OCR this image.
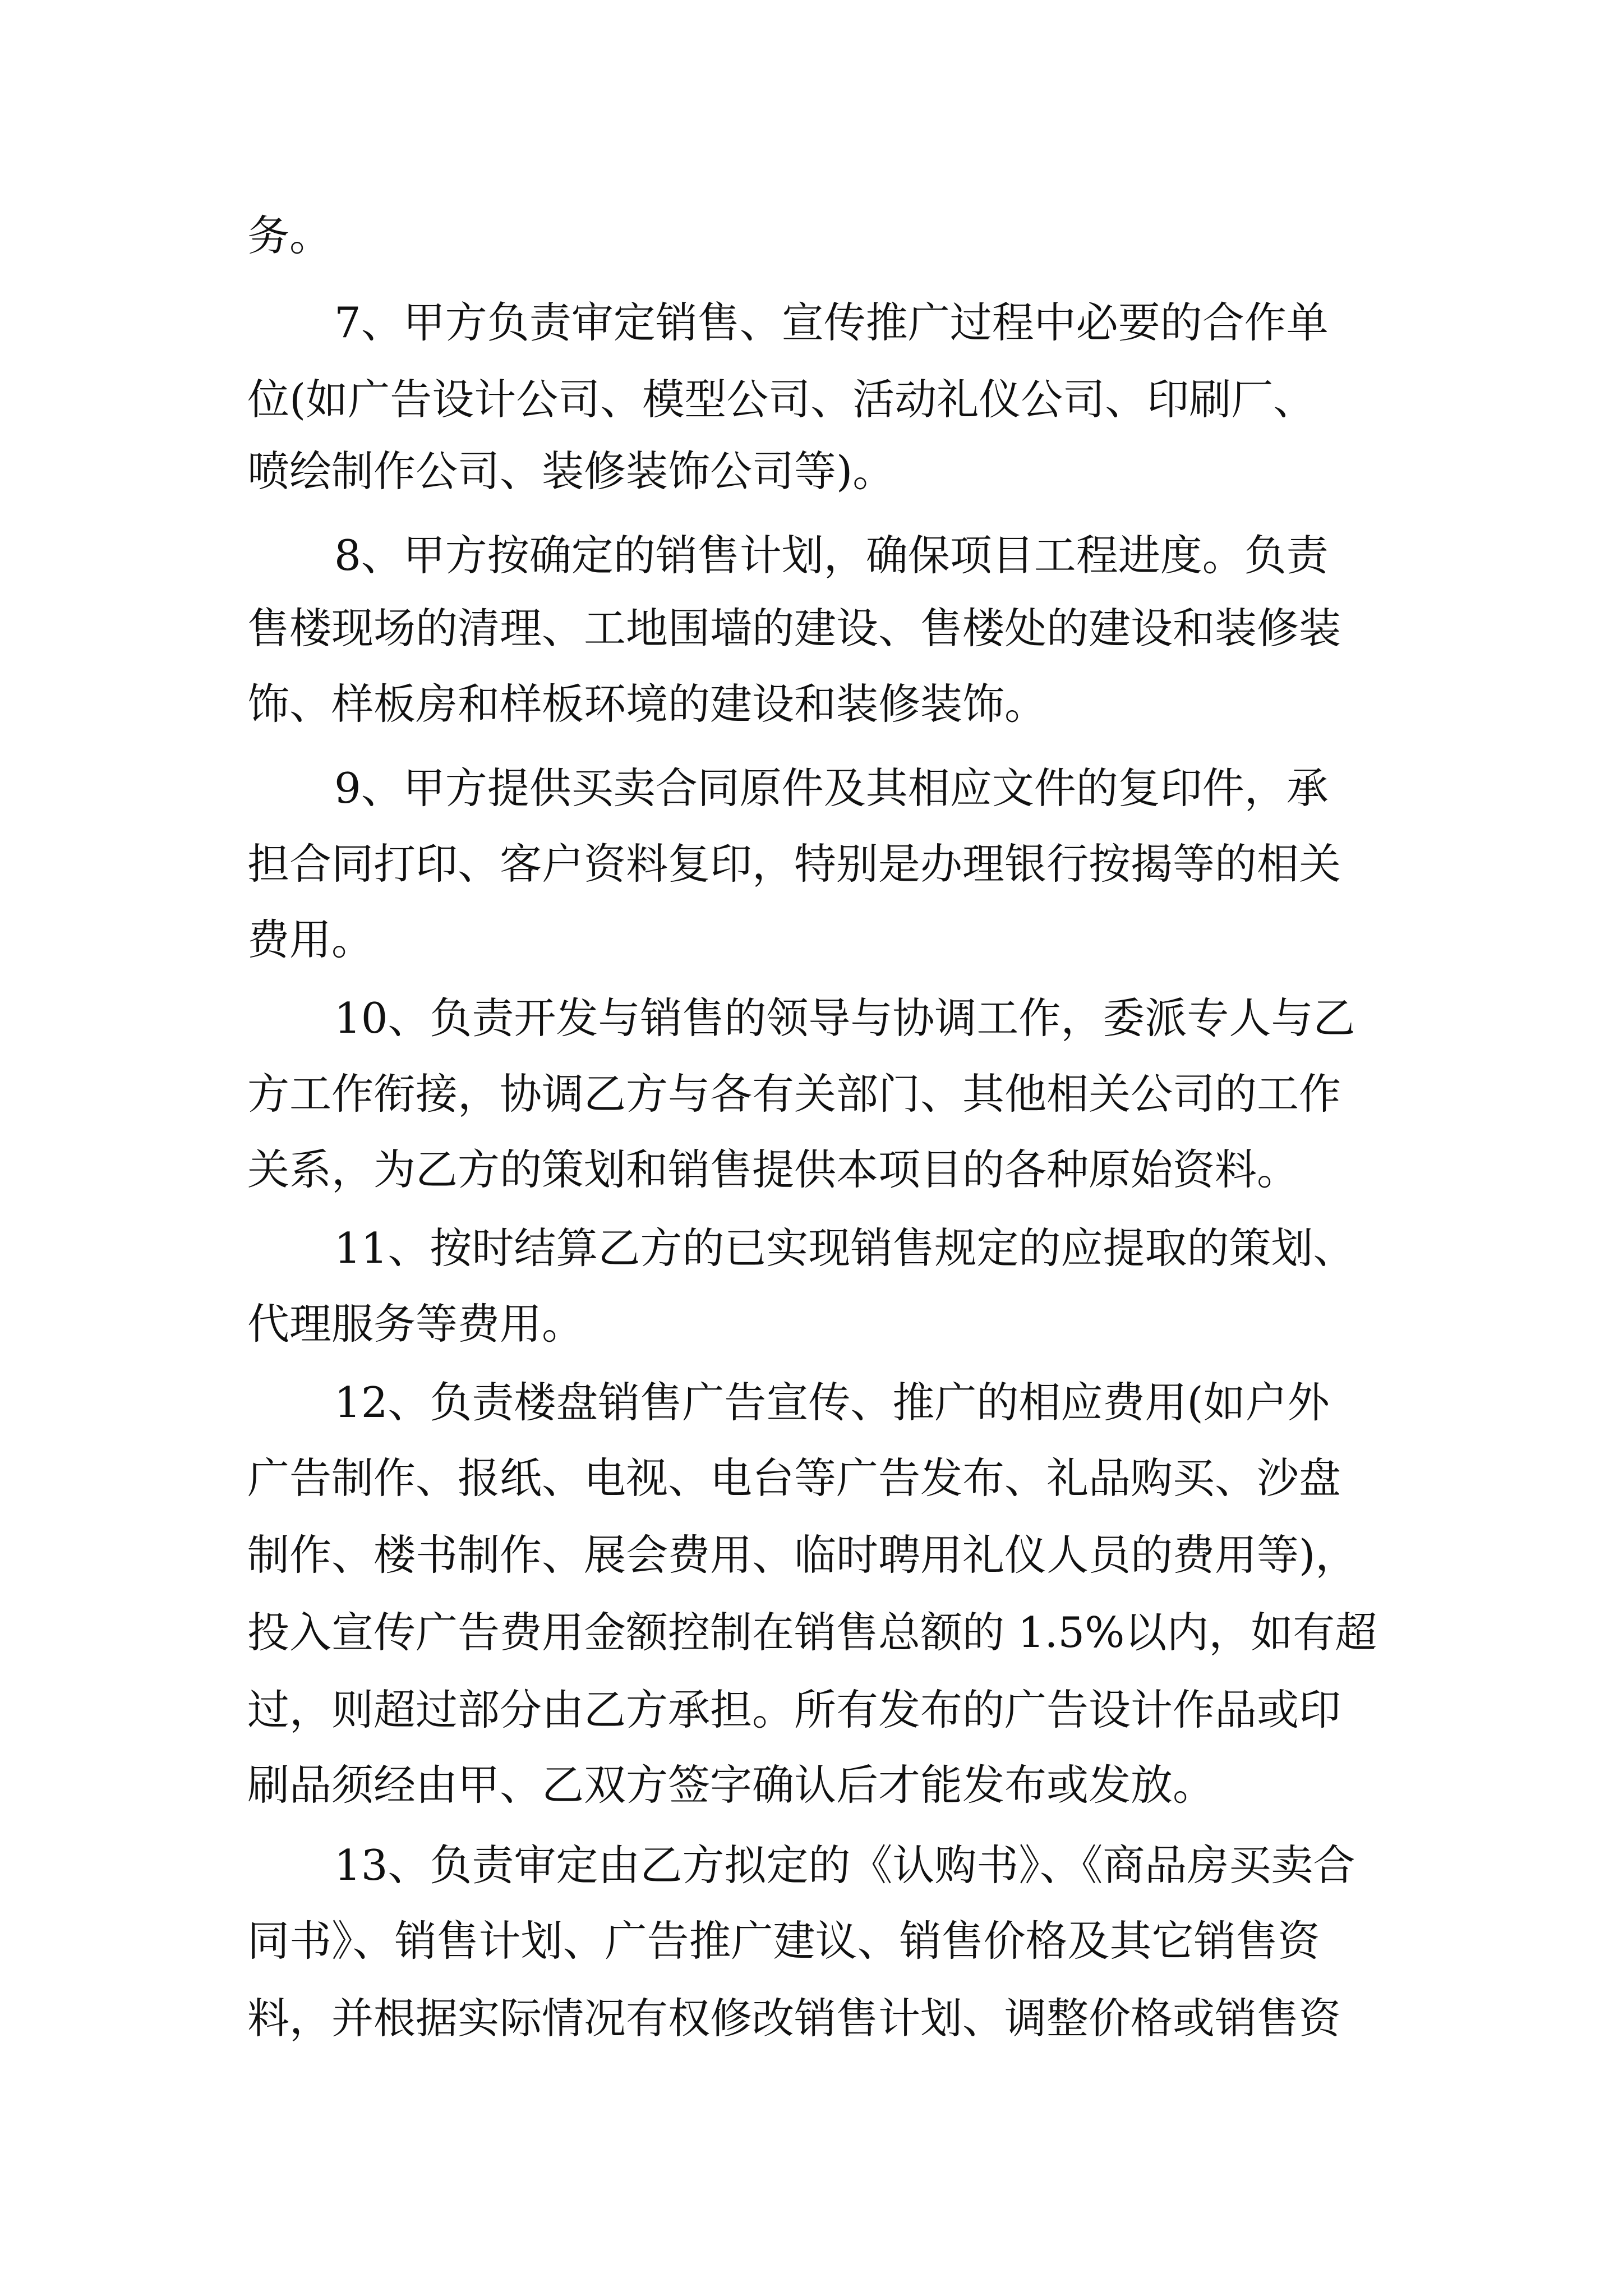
务。
7、甲方负责审定销售、宣传推广过程中必要的合作单
位(如广告设计公司、模型公司、活动礼仪公司、印刷厂、
喷绘制作公司、装修装饰公司等)。
8、甲方按确定的销售计划，确保项目工程进度。负责
售楼现场的清理、工地围墙的建设、售楼处的建设和装修装
饰、样板房和样板环境的建设和装修装饰。
9、甲方提供买卖合同原件及其相应文件的复印件，承
担合同打印、客户资料复印，特别是办理银行按揭等的相关
费用。
10、负责开发与销售的领导与协调工作，委派专人与乙
方工作衔接，协调乙方与各有关部门、其他相关公司的工作
关系，为乙方的策划和销售提供本项目的各种原始资料。
11、按时结算乙方的已实现销售规定的应提取的策划、
代理服务等费用。
12、负责楼盘销售广告宣传、推广的相应费用(如户外
广告制作、报纸、电视、电台等广告发布、礼品购买、沙盘
制作、楼书制作、展会费用、临时聘用礼仪人员的费用等)，
投入宣传广告费用金额控制在销售总额的 1.5%以内，如有超
过，则超过部分由乙方承担。所有发布的广告设计作品或印
刷品须经由甲、乙双方签字确认后才能发布或发放。
13、负责审定由乙方拟定的《认购书》、《商品房买卖合
同书》、销售计划、广告推广建议、销售价格及其它销售资
料，并根据实际情况有权修改销售计划、调整价格或销售资
